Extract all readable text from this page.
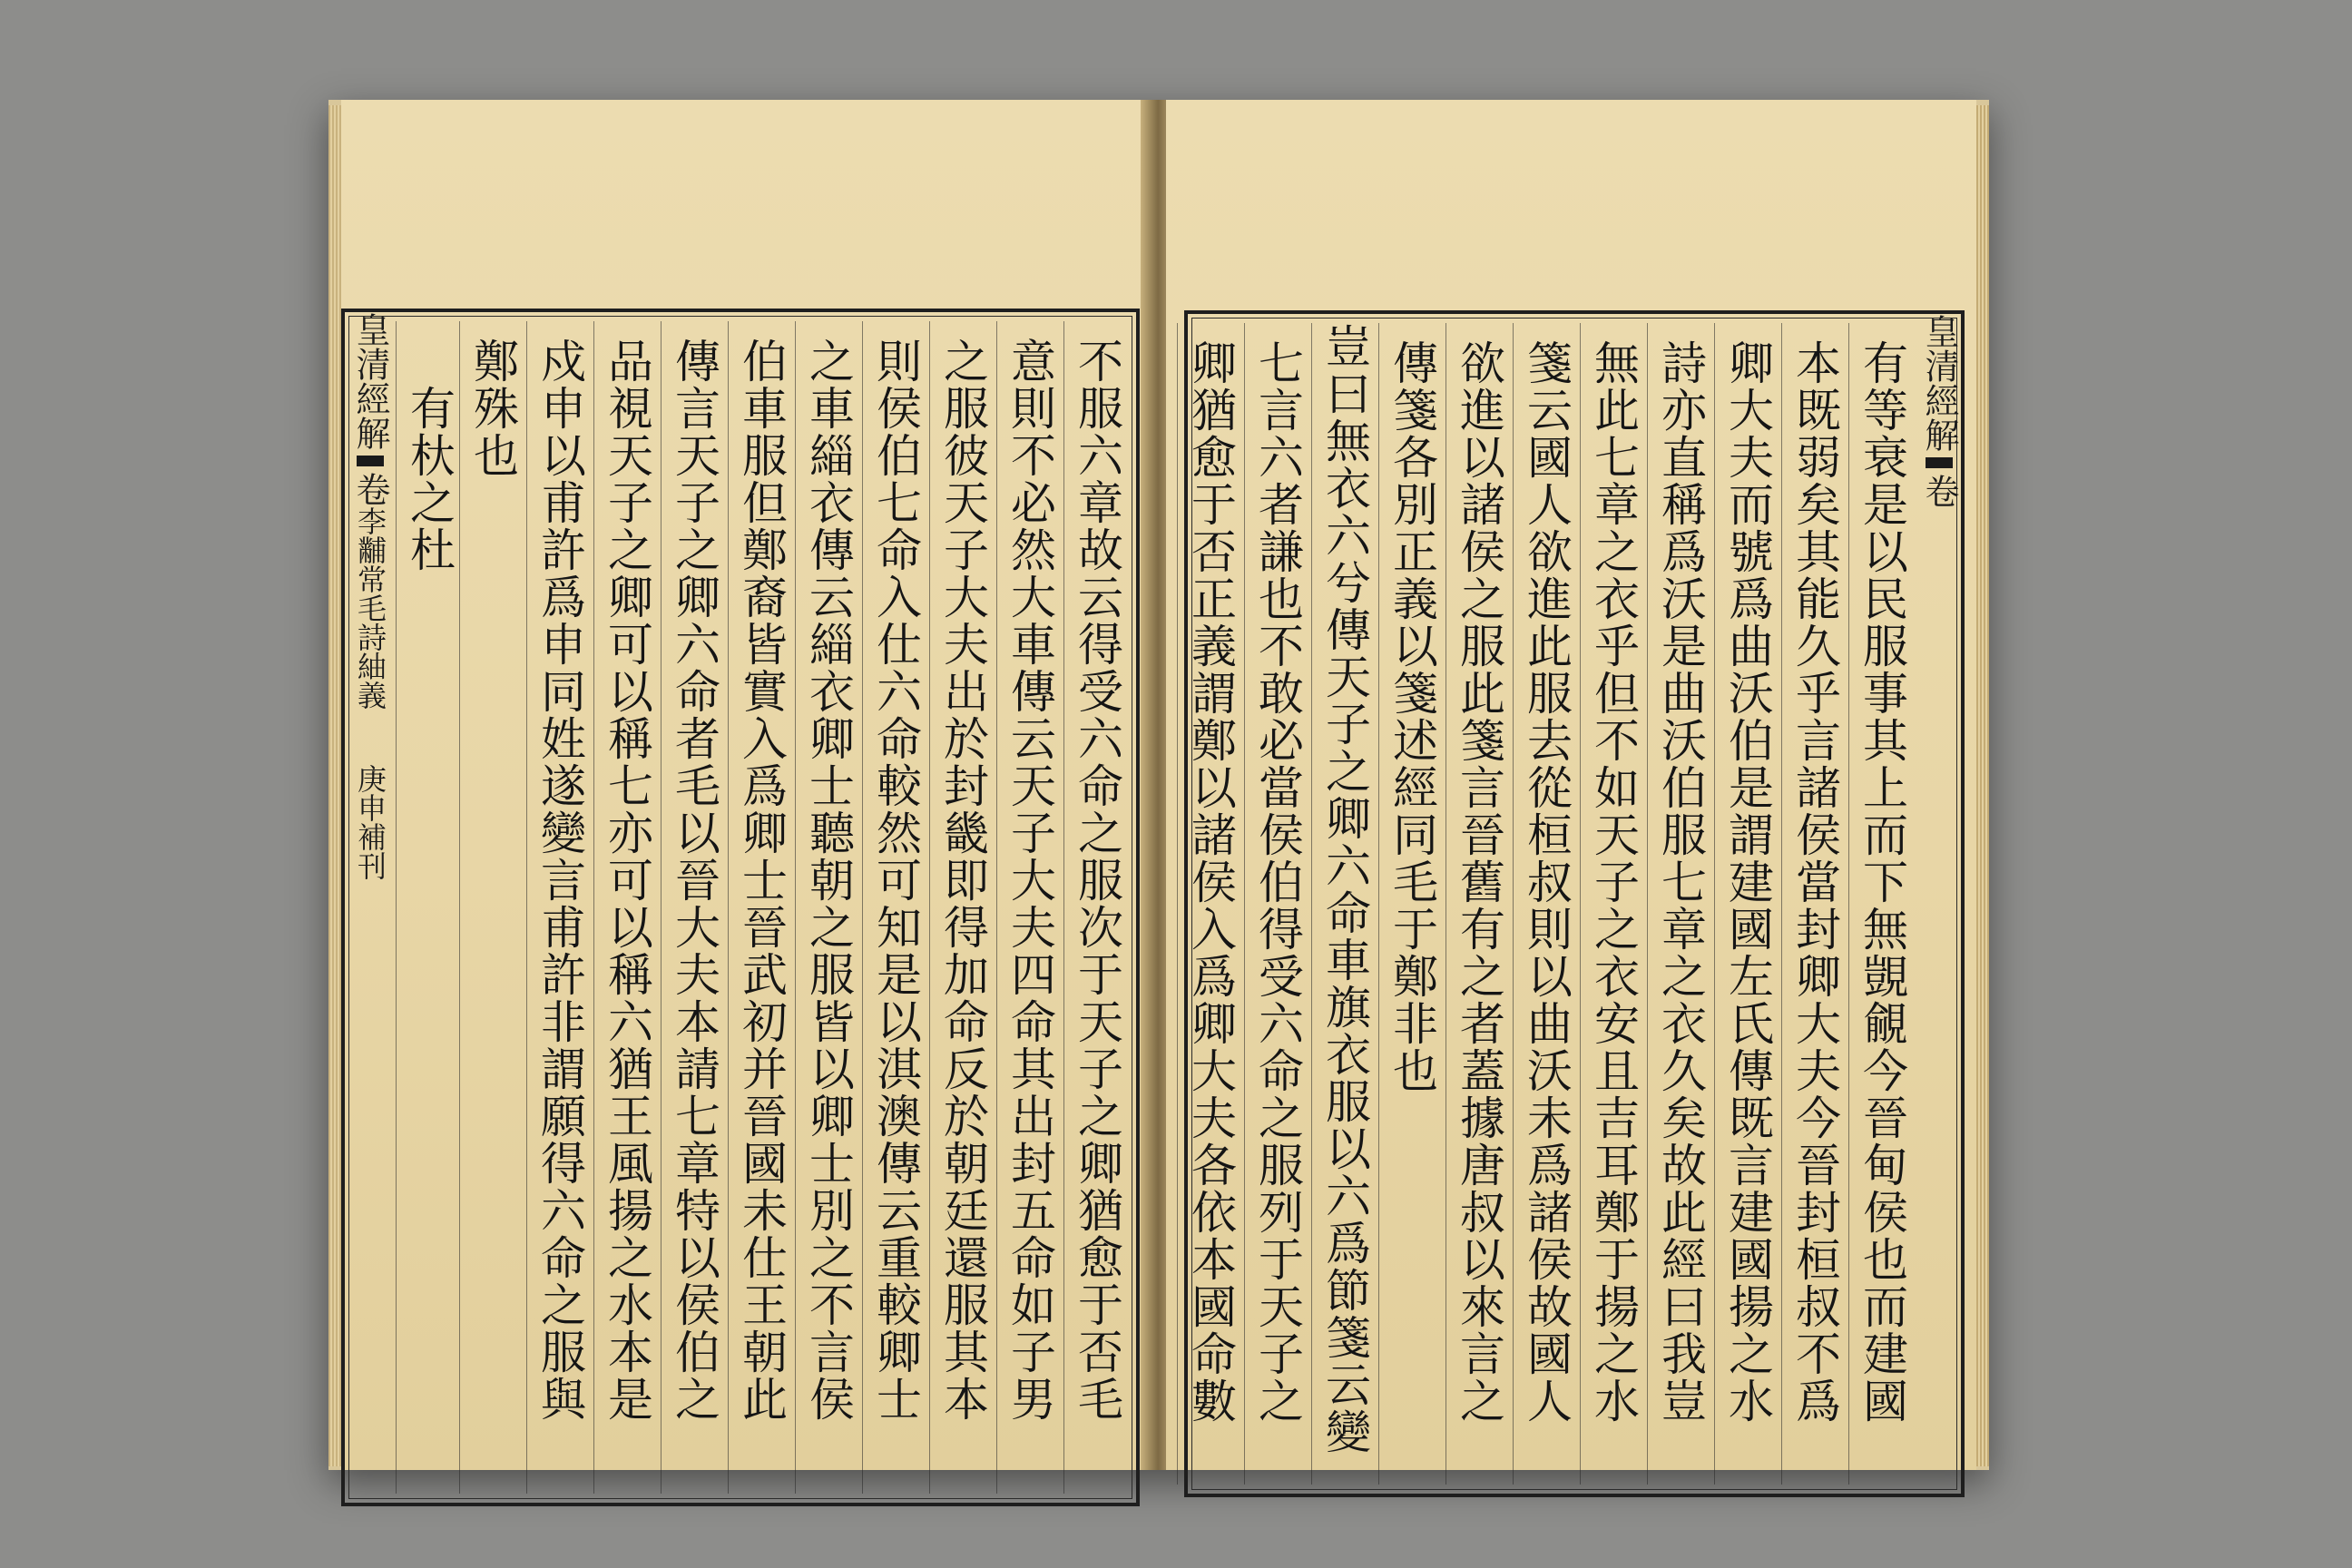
不服六章故云得受六命之服次于天子之卿猶愈于否毛
意則不必然大車傳云天子大夫四命其出封五命如子男
之服彼天子大夫出於封畿即得加命反於朝廷還服其本
則侯伯七命入仕六命較然可知是以淇澳傳云重較卿士
之車緇衣傳云緇衣卿士聽朝之服皆以卿士別之不言侯
伯車服但鄭裔皆實入爲卿士晉武初并晉國未仕王朝此
傳言天子之卿六命者毛以晉大夫本請七章特以侯伯之
品視天子之卿可以稱七亦可以稱六猶王風揚之水本是
戍申以甫許爲申同姓遂變言甫許非謂願得六命之服與
鄭殊也
有杕之杜
皇清經解卷李黼常毛詩紬義庚申補刊
皇清經解卷
有等衰是以民服事其上而下無覬覦今晉甸侯也而建國
本既弱矣其能久乎言諸侯當封卿大夫今晉封桓叔不爲
卿大夫而號爲曲沃伯是謂建國左氏傳既言建國揚之水
詩亦直稱爲沃是曲沃伯服七章之衣久矣故此經曰我豈
無此七章之衣乎但不如天子之衣安且吉耳鄭于揚之水
箋云國人欲進此服去從桓叔則以曲沃未爲諸侯故國人
欲進以諸侯之服此箋言晉舊有之者蓋據唐叔以來言之
傳箋各別正義以箋述經同毛于鄭非也
豈曰無衣六兮傳天子之卿六命車旗衣服以六爲節箋云變
七言六者謙也不敢必當侯伯得受六命之服列于天子之
卿猶愈于否正義謂鄭以諸侯入爲卿大夫各依本國命數
